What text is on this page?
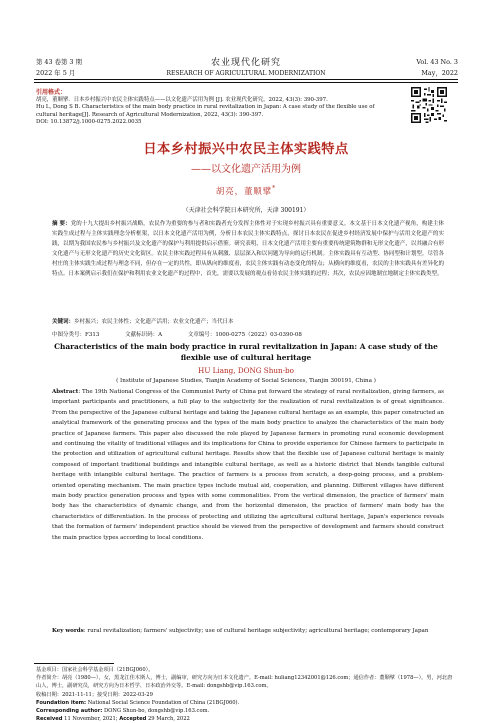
第 43 卷第 3 期
2022 年 5 月
农业现代化研究
RESEARCH OF AGRICULTURAL MODERNIZATION
Vol. 43 No. 3
May，2022
引用格式：
胡亮，董顺擘．日本乡村振兴中农民主体实践特点——以文化遗产活用为例 [J]. 农业现代化研究，2022, 43(3): 390-397.
Hu L, Dong S B. Characteristics of the main body practice in rural revitalization in Japan: A case study of the flexible use of cultural heritage[J]. Research of Agricultural Modernization, 2022, 43(3): 390-397.
DOI: 10.13872/j.1000-0275.2022.0035
日本乡村振兴中农民主体实践特点
——以文化遗产活用为例
胡亮，董顺擘*
（天津社会科学院日本研究所，天津 300191）
摘 要：党的十九大提出乡村振兴战略，农民作为重要的参与者和实践者充分发挥主体性对于实现乡村振兴具有重要意义。本文基于日本文化遗产视角，构建主体实践生成过程与主体实践理念分析框架，以日本文化遗产活用为例，分析日本农民主体实践特点，探讨日本农民在促进乡村经济发展中保护与活用文化遗产的实践，以期为我国农民参与乡村振兴及文化遗产的保护与利用提供启示借鉴。研究表明，日本文化遗产活用主要有重要传统建筑物群和无形文化遗产，以其融合有形文化遗产与无形文化遗产的历史文化街区。农民主体实践过程具有从刺激、层层深入和以问题为导向的运行机制。主体实践具有互动型、协同型和计划型。尽管各村庄的主体实践生成过程与理念不同，但存在一定的共性，即从纵向的维度看，农民主体实践有动态变化的特点；从横向的维度看，农民的主体实践具有差异化的特点。日本案例启示我们在保护和利用农业文化遗产的过程中，首先，需要以发展的观点看待农民主体实践的过程；其次，农民应因地制宜地制定主体实践类型。
关键词：乡村振兴；农民主体性；文化遗产活用；农业文化遗产；当代日本
中图分类号：F313	文献标识码：A	文章编号：1000-0275（2022）03-0390-08
Characteristics of the main body practice in rural revitalization in Japan: A case study of the flexible use of cultural heritage
HU Liang, DONG Shun-bo
( Institute of Japanese Studies, Tianjin Academy of Social Sciences, Tianjin 300191, China )
Abstract: The 19th National Congress of the Communist Party of China put forward the strategy of rural revitalization, giving farmers, as important participants and practitioners, a full play to the subjectivity for the realization of rural revitalization is of great significance. From the perspective of the Japanese cultural heritage and taking the Japanese cultural heritage as an example, this paper constructed an analytical framework of the generating process and the types of the main body practice to analyze the characteristics of the main body practice of Japanese farmers. This paper also discussed the role played by Japanese farmers in promoting rural economic development and continuing the vitality of traditional villages and its implications for China to provide experience for Chinese farmers to participate in the protection and utilization of agricultural cultural heritage. Results show that the flexible use of Japanese cultural heritage is mainly composed of important traditional buildings and intangible cultural heritage, as well as a historic district that blends tangible cultural heritage with intangible cultural heritage. The practice of farmers is a process from scratch, a deep-going process, and a problem-oriented operating mechanism. The main practice types include mutual aid, cooperation, and planning. Different villages have different main body practice generation process and types with some commonalities. From the vertical dimension, the practice of farmers' main body has the characteristics of dynamic change, and from the horizontal dimension, the practice of farmers' main body has the characteristics of differentiation. In the process of protecting and utilizing the agricultural cultural heritage, Japan's experience reveals that the formation of farmers' independent practice should be viewed from the perspective of development and farmers should construct the main practice types according to local conditions.
Key words: rural revitalization; farmers' subjectivity; use of cultural heritage subjectivity; agricultural heritage; contemporary Japan
基金项目：国家社会科学基金项目（21BGJ060）。
作者简介：胡亮（1980—），女，黑龙江佳木斯人，博士，副编审，研究方向为日本文化遗产。E-mail: huliang12342001@126.com；通信作者：董顺擘（1978—），男，河北唐山人，博士，副研究员，研究方向为日本哲学、日本政治外交等。E-mail: dongshb@vip.163.com。
收稿日期：2021-11-11；接受日期：2022-03-29
Foundation item: National Social Science Foundation of China (21BGJ060).
Corresponding author: DONG Shun-bo, dongshb@vip.163.com.
Received 11 November, 2021; Accepted 29 March, 2022
